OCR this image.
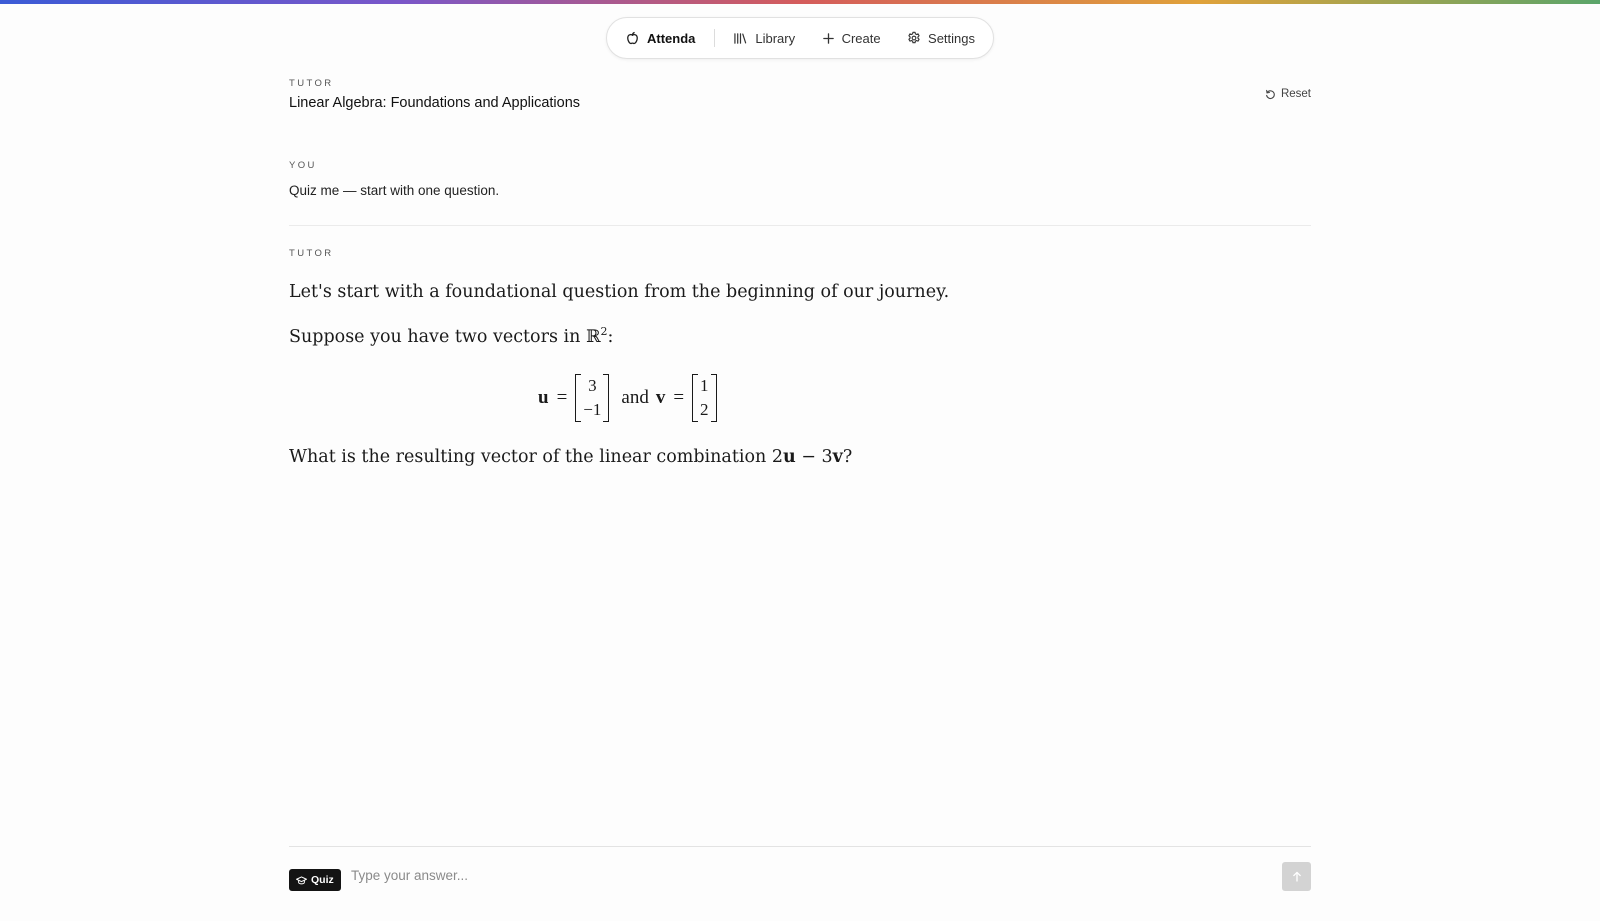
Attenda	Library	Create	Settings
TUTOR
Linear Algebra: Foundations and Applications
Reset
YOU
Quiz me — start with one question.
TUTOR
Let's start with a foundational question from the beginning of our journey.
Suppose you have two vectors in ℝ$^2$:
u =
3
−1
and v =
1
2
What is the resulting vector of the linear combination 2u − 3v?
Quiz
Type your answer...
